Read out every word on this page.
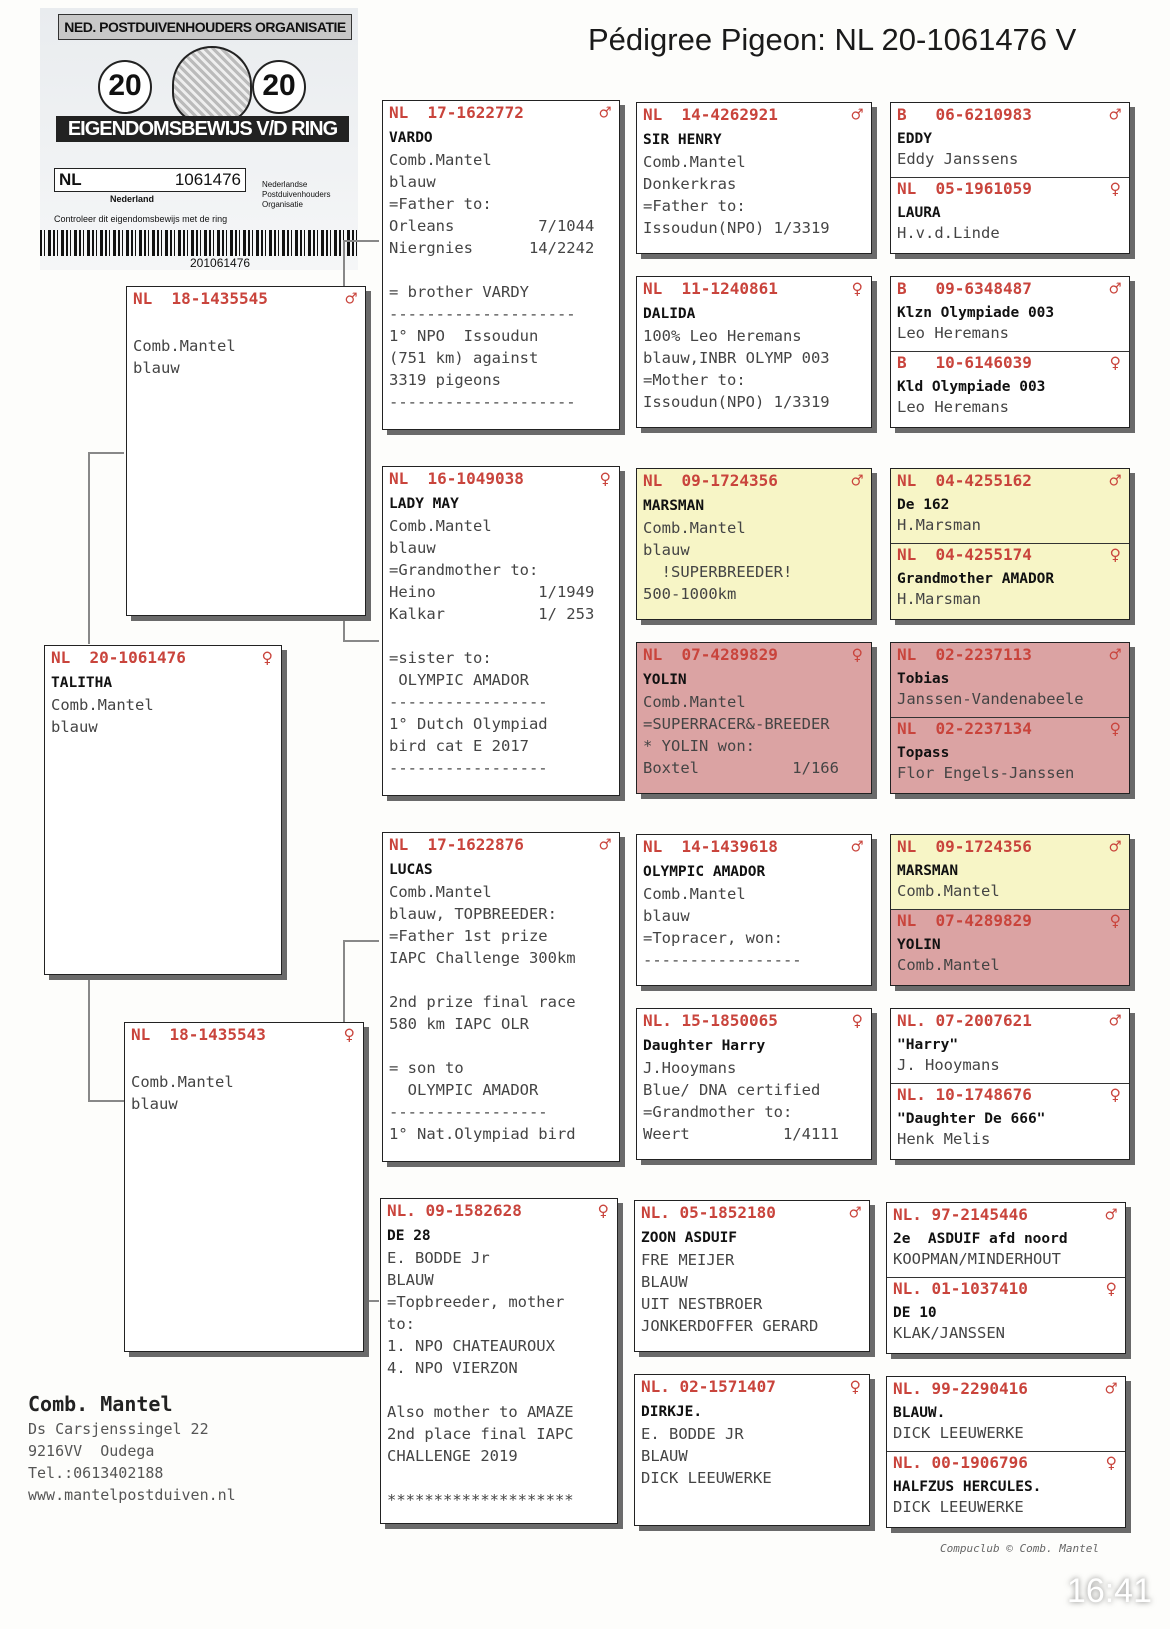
Pédigree Pigeon: NL 20-1061476 V
NED. POSTDUIVENHOUDERS ORGANISATIE
20	20
EIGENDOMSBEWIJS V/D RING
NL	1061476
Nederland
Controleer dit eigendomsbewijs met de ring
Nederlandse Postduivenhouders Organisatie
201061476
NL  20-1061476	♀
TALITHA
Comb.Mantel
blauw
NL  18-1435545	♂
Comb.Mantel
blauw
NL  18-1435543	♀
Comb.Mantel
blauw
NL  17-1622772	♂
VARDO
Comb.Mantel
blauw
=Father to:
Orleans         7/1044
Niergnies      14/2242
= brother VARDY
--------------------
1° NPO  Issoudun
(751 km) against
3319 pigeons
--------------------
NL  16-1049038	♀
LADY MAY
Comb.Mantel
blauw
=Grandmother to:
Heino           1/1949
Kalkar          1/ 253
=sister to:
OLYMPIC AMADOR
-----------------
1° Dutch Olympiad
bird cat E 2017
-----------------
NL  17-1622876	♂
LUCAS
Comb.Mantel
blauw, TOPBREEDER:
=Father 1st prize
IAPC Challenge 300km
2nd prize final race
580 km IAPC OLR
= son to
OLYMPIC AMADOR
-----------------
1° Nat.Olympiad bird
NL. 09-1582628	♀
DE 28
E. BODDE Jr
BLAUW
=Topbreeder, mother
to:
1. NPO CHATEAUROUX
4. NPO VIERZON
Also mother to AMAZE
2nd place final IAPC
CHALLENGE 2019
********************
NL  14-4262921	♂
SIR HENRY
Comb.Mantel
Donkerkras
=Father to:
Issoudun(NPO) 1/3319
NL  11-1240861	♀
DALIDA
100% Leo Heremans
blauw,INBR OLYMP 003
=Mother to:
Issoudun(NPO) 1/3319
NL  09-1724356	♂
MARSMAN
Comb.Mantel
blauw
!SUPERBREEDER!
500-1000km
NL  07-4289829	♀
YOLIN
Comb.Mantel
=SUPERRACER&-BREEDER
* YOLIN won:
Boxtel          1/166
NL  14-1439618	♂
OLYMPIC AMADOR
Comb.Mantel
blauw
=Topracer, won:
-----------------
NL. 15-1850065	♀
Daughter Harry
J.Hooymans
Blue/ DNA certified
=Grandmother to:
Weert          1/4111
NL. 05-1852180	♂
ZOON ASDUIF
FRE MEIJER
BLAUW
UIT NESTBROER
JONKERDOFFER GERARD
NL. 02-1571407	♀
DIRKJE.
E. BODDE JR
BLAUW
DICK LEEUWERKE
B   06-6210983	♂
EDDY
Eddy Janssens
NL  05-1961059	♀
LAURA
H.v.d.Linde
B   09-6348487	♂
Klzn Olympiade 003
Leo Heremans
B   10-6146039	♀
Kld Olympiade 003
Leo Heremans
NL  04-4255162	♂
De 162
H.Marsman
NL  04-4255174	♀
Grandmother AMADOR
H.Marsman
NL  02-2237113	♂
Tobias
Janssen-Vandenabeele
NL  02-2237134	♀
Topass
Flor Engels-Janssen
NL  09-1724356	♂
MARSMAN
Comb.Mantel
NL  07-4289829	♀
YOLIN
Comb.Mantel
NL. 07-2007621	♂
"Harry"
J. Hooymans
NL. 10-1748676	♀
"Daughter De 666"
Henk Melis
NL. 97-2145446	♂
2e  ASDUIF afd noord
KOOPMAN/MINDERHOUT
NL. 01-1037410	♀
DE 10
KLAK/JANSSEN
NL. 99-2290416	♂
BLAUW.
DICK LEEUWERKE
NL. 00-1906796	♀
HALFZUS HERCULES.
DICK LEEUWERKE
Comb. Mantel
Ds Carsjenssingel 22
9216VV  Oudega
Tel.:0613402188
www.mantelpostduiven.nl
Compuclub © Comb. Mantel
16:41
